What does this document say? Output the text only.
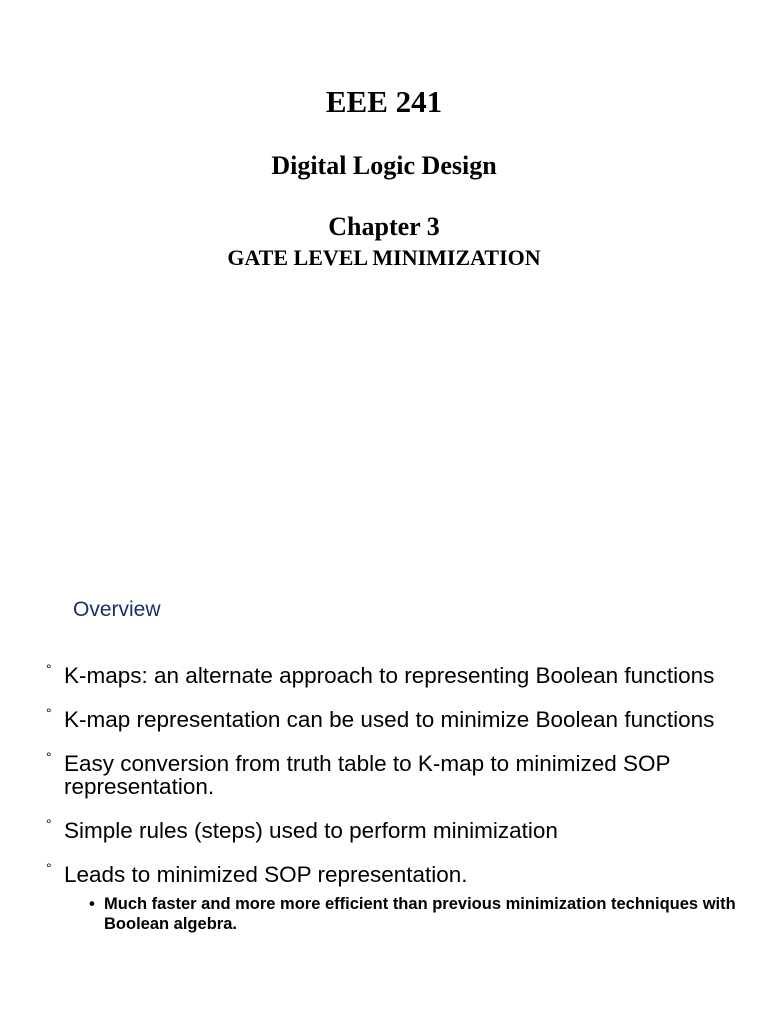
EEE 241
Digital Logic Design
Chapter 3
GATE LEVEL MINIMIZATION
Overview
° K-maps: an alternate approach to representing Boolean functions
° K-map representation can be used to minimize Boolean functions
° Easy conversion from truth table to K-map to minimized SOP representation.
° Simple rules (steps) used to perform minimization
° Leads to minimized SOP representation.
• Much faster and more more efficient than previous minimization techniques with Boolean algebra.
